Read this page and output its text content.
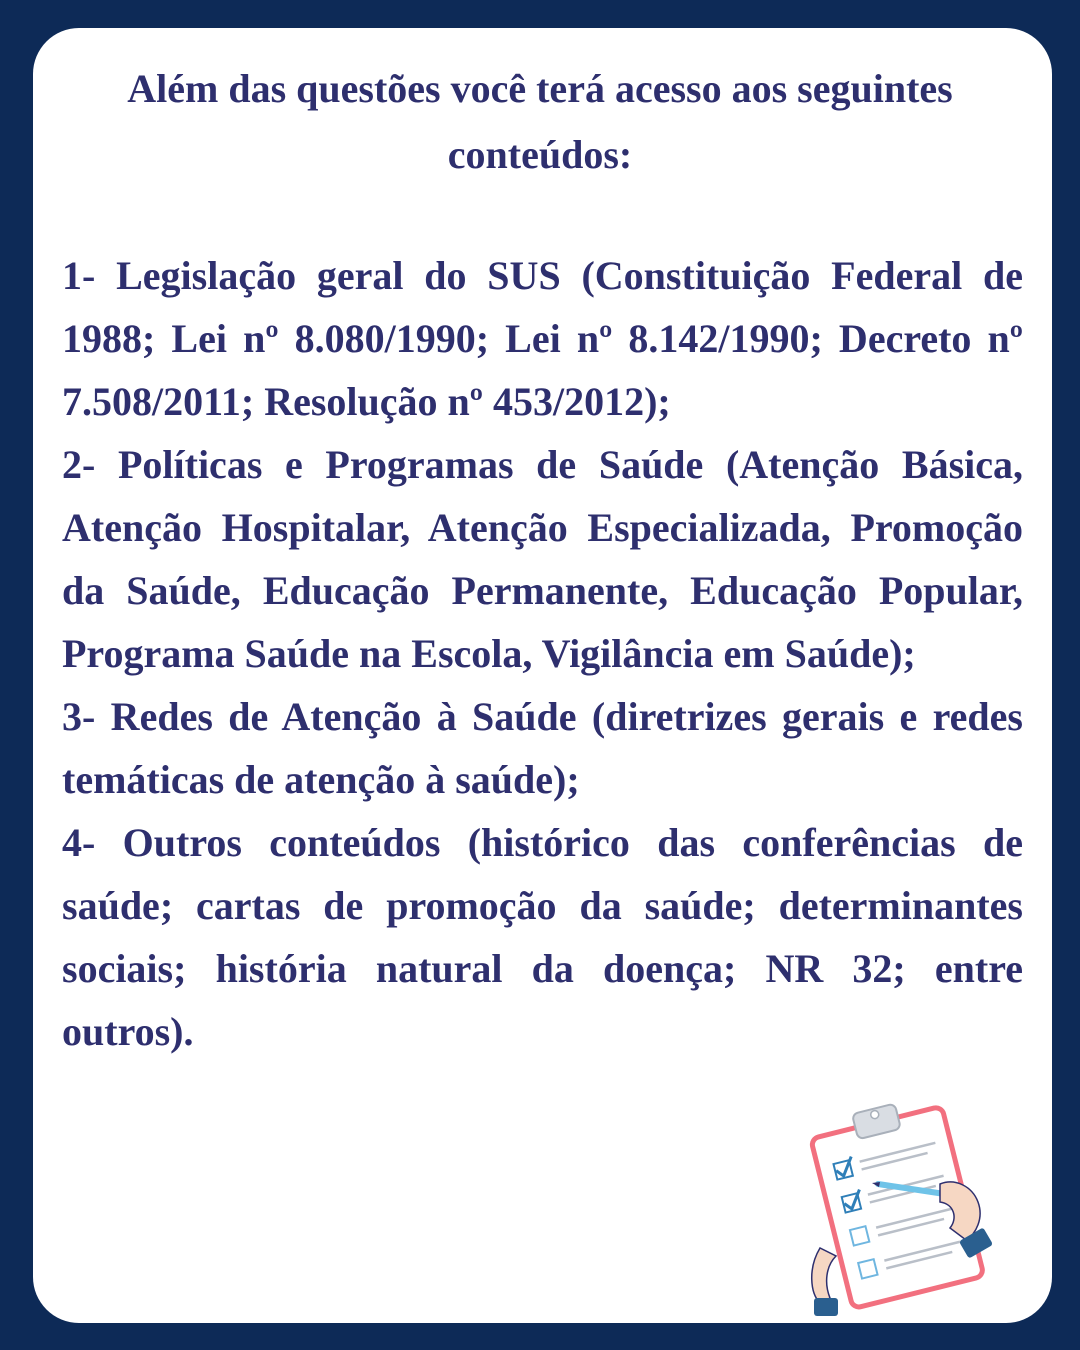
Além das questões você terá acesso aos seguintes conteúdos:

1- Legislação geral do SUS (Constituição Federal de 1988; Lei nº 8.080/1990; Lei nº 8.142/1990; Decreto nº 7.508/2011; Resolução nº 453/2012);

2- Políticas e Programas de Saúde (Atenção Básica, Atenção Hospitalar, Atenção Especializada, Promoção da Saúde, Educação Permanente, Educação Popular, Programa Saúde na Escola, Vigilância em Saúde);

3- Redes de Atenção à Saúde (diretrizes gerais e redes temáticas de atenção à saúde);

4- Outros conteúdos (histórico das conferências de saúde; cartas de promoção da saúde; determinantes sociais; história natural da doença; NR 32; entre outros).
